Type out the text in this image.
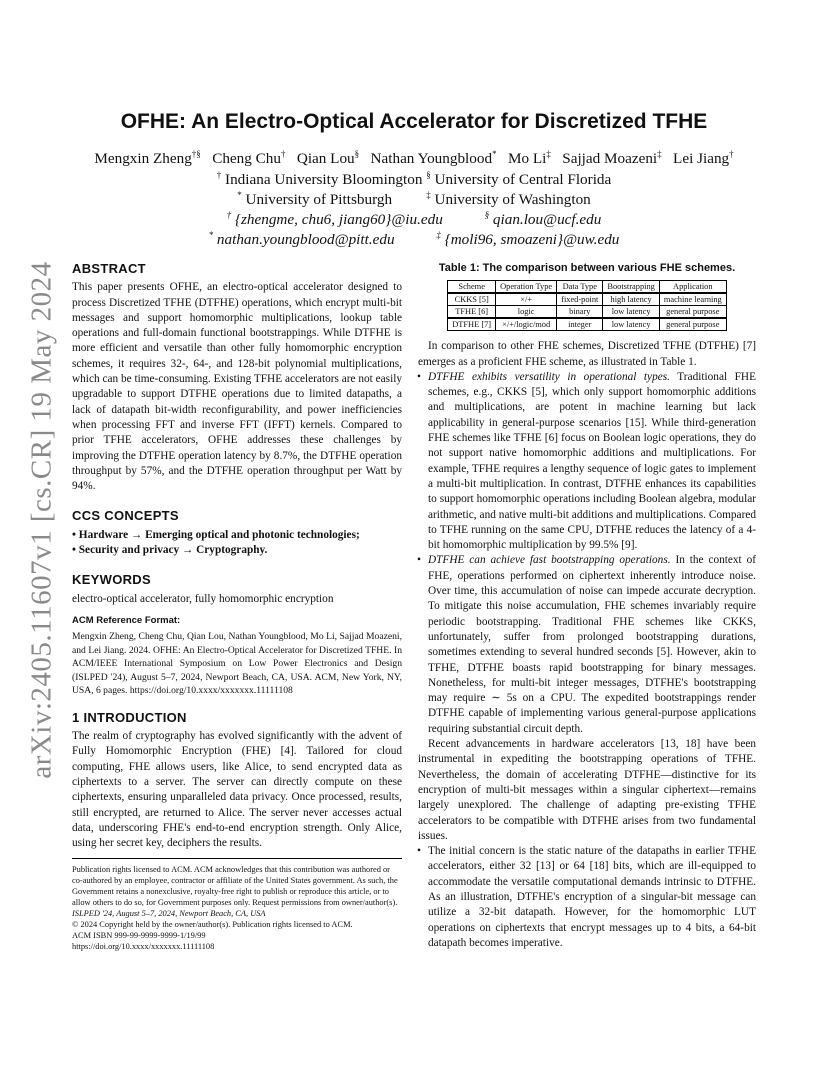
arXiv:2405.11607v1 [cs.CR] 19 May 2024
OFHE: An Electro-Optical Accelerator for Discretized TFHE
Mengxin Zheng†§ Cheng Chu† Qian Lou§ Nathan Youngblood* Mo Li‡ Sajjad Moazeni‡ Lei Jiang†
† Indiana University Bloomington § University of Central Florida
* University of Pittsburgh	‡ University of Washington
† {zhengme, chu6, jiang60}@iu.edu	§ qian.lou@ucf.edu
* nathan.youngblood@pitt.edu	‡ {moli96, smoazeni}@uw.edu
ABSTRACT

This paper presents OFHE, an electro-optical accelerator designed to process Discretized TFHE (DTFHE) operations, which encrypt multi-bit messages and support homomorphic multiplications, lookup table operations and full-domain functional bootstrappings. While DTFHE is more efficient and versatile than other fully homomorphic encryption schemes, it requires 32-, 64-, and 128-bit polynomial multiplications, which can be time-consuming. Existing TFHE accelerators are not easily upgradable to support DTFHE operations due to limited datapaths, a lack of datapath bit-width reconfigurability, and power inefficiencies when processing FFT and inverse FFT (IFFT) kernels. Compared to prior TFHE accelerators, OFHE addresses these challenges by improving the DTFHE operation latency by 8.7%, the DTFHE operation throughput by 57%, and the DTFHE operation throughput per Watt by 94%.

CCS CONCEPTS

• Hardware → Emerging optical and photonic technologies;

• Security and privacy → Cryptography.

KEYWORDS

electro-optical accelerator, fully homomorphic encryption

ACM Reference Format:

Mengxin Zheng, Cheng Chu, Qian Lou, Nathan Youngblood, Mo Li, Sajjad Moazeni, and Lei Jiang. 2024. OFHE: An Electro-Optical Accelerator for Discretized TFHE. In ACM/IEEE International Symposium on Low Power Electronics and Design (ISLPED '24), August 5–7, 2024, Newport Beach, CA, USA. ACM, New York, NY, USA, 6 pages. https://doi.org/10.xxxx/xxxxxxx.11111108

1 INTRODUCTION

The realm of cryptography has evolved significantly with the advent of Fully Homomorphic Encryption (FHE) [4]. Tailored for cloud computing, FHE allows users, like Alice, to send encrypted data as ciphertexts to a server. The server can directly compute on these ciphertexts, ensuring unparalleled data privacy. Once processed, results, still encrypted, are returned to Alice. The server never accesses actual data, underscoring FHE's end-to-end encryption strength. Only Alice, using her secret key, deciphers the results.

Publication rights licensed to ACM. ACM acknowledges that this contribution was authored or co-authored by an employee, contractor or affiliate of the United States government. As such, the Government retains a nonexclusive, royalty-free right to publish or reproduce this article, or to allow others to do so, for Government purposes only. Request permissions from owner/author(s).

ISLPED '24, August 5–7, 2024, Newport Beach, CA, USA

© 2024 Copyright held by the owner/author(s). Publication rights licensed to ACM.

ACM ISBN 999-99-9999-9999-1/19/99

https://doi.org/10.xxxx/xxxxxxx.11111108

Table 1: The comparison between various FHE schemes.
Scheme	Operation Type	Data Type	Bootstrapping	Application
CKKS [5]	×/+	fixed-point	high latency	machine learning
TFHE [6]	logic	binary	low latency	general purpose
DTFHE [7]	×/+/logic/mod	integer	low latency	general purpose

In comparison to other FHE schemes, Discretized TFHE (DTFHE) [7] emerges as a proficient FHE scheme, as illustrated in Table 1.

• DTFHE exhibits versatility in operational types. Traditional FHE schemes, e.g., CKKS [5], which only support homomorphic additions and multiplications, are potent in machine learning but lack applicability in general-purpose scenarios [15]. While third-generation FHE schemes like TFHE [6] focus on Boolean logic operations, they do not support native homomorphic additions and multiplications. For example, TFHE requires a lengthy sequence of logic gates to implement a multi-bit multiplication. In contrast, DTFHE enhances its capabilities to support homomorphic operations including Boolean algebra, modular arithmetic, and native multi-bit additions and multiplications. Compared to TFHE running on the same CPU, DTFHE reduces the latency of a 4-bit homomorphic multiplication by 99.5% [9].
• DTFHE can achieve fast bootstrapping operations. In the context of FHE, operations performed on ciphertext inherently introduce noise. Over time, this accumulation of noise can impede accurate decryption. To mitigate this noise accumulation, FHE schemes invariably require periodic bootstrapping. Traditional FHE schemes like CKKS, unfortunately, suffer from prolonged bootstrapping durations, sometimes extending to several hundred seconds [5]. However, akin to TFHE, DTFHE boasts rapid bootstrapping for binary messages. Nonetheless, for multi-bit integer messages, DTFHE's bootstrapping may require ∼ 5s on a CPU. The expedited bootstrappings render DTFHE capable of implementing various general-purpose applications requiring substantial circuit depth.

Recent advancements in hardware accelerators [13, 18] have been instrumental in expediting the bootstrapping operations of TFHE. Nevertheless, the domain of accelerating DTFHE—distinctive for its encryption of multi-bit messages within a singular ciphertext—remains largely unexplored. The challenge of adapting pre-existing TFHE accelerators to be compatible with DTFHE arises from two fundamental issues.

• The initial concern is the static nature of the datapaths in earlier TFHE accelerators, either 32 [13] or 64 [18] bits, which are ill-equipped to accommodate the versatile computational demands intrinsic to DTFHE. As an illustration, DTFHE's encryption of a singular-bit message can utilize a 32-bit datapath. However, for the homomorphic LUT operations on ciphertexts that encrypt messages up to 4 bits, a 64-bit datapath becomes imperative.
